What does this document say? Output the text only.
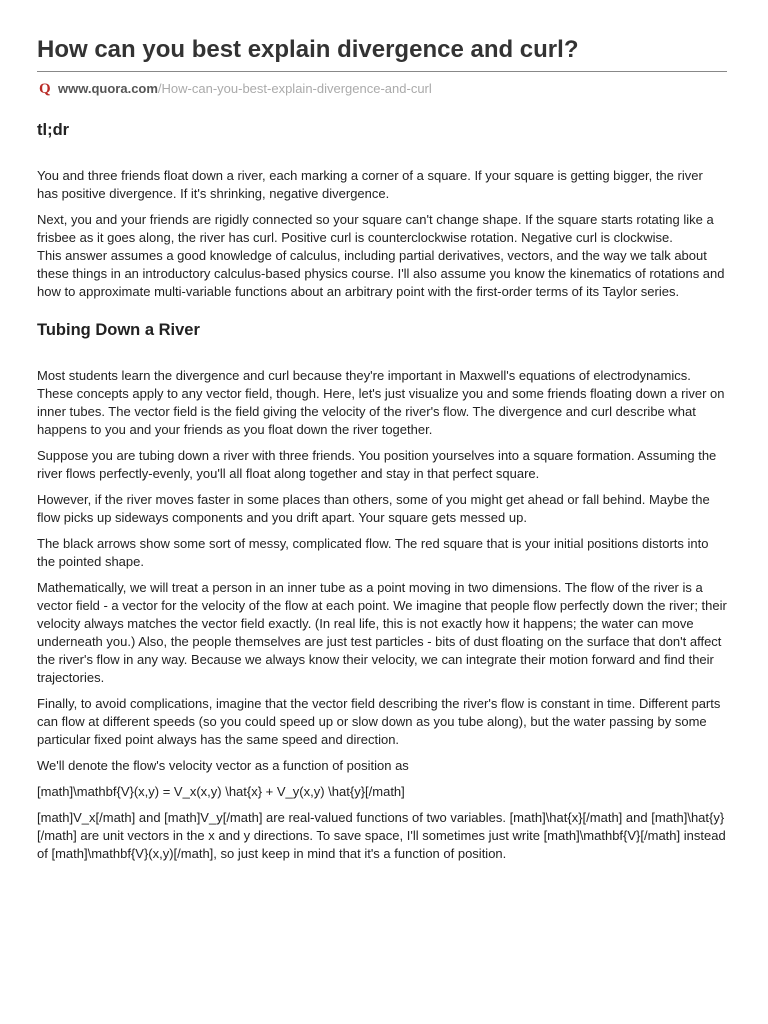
How can you best explain divergence and curl?
Q www.quora.com /How-can-you-best-explain-divergence-and-curl
tl;dr

You and three friends float down a river, each marking a corner of a square. If your square is getting bigger, the river has positive divergence. If it's shrinking, negative divergence.

Next, you and your friends are rigidly connected so your square can't change shape. If the square starts rotating like a frisbee as it goes along, the river has curl. Positive curl is counterclockwise rotation. Negative curl is clockwise.

This answer assumes a good knowledge of calculus, including partial derivatives, vectors, and the way we talk about these things in an introductory calculus-based physics course. I'll also assume you know the kinematics of rotations and how to approximate multi-variable functions about an arbitrary point with the first-order terms of its Taylor series.

Tubing Down a River

Most students learn the divergence and curl because they're important in Maxwell's equations of electrodynamics. These concepts apply to any vector field, though. Here, let's just visualize you and some friends floating down a river on inner tubes. The vector field is the field giving the velocity of the river's flow. The divergence and curl describe what happens to you and your friends as you float down the river together.

Suppose you are tubing down a river with three friends. You position yourselves into a square formation. Assuming the river flows perfectly-evenly, you'll all float along together and stay in that perfect square.

However, if the river moves faster in some places than others, some of you might get ahead or fall behind. Maybe the flow picks up sideways components and you drift apart. Your square gets messed up.

The black arrows show some sort of messy, complicated flow. The red square that is your initial positions distorts into the pointed shape.

Mathematically, we will treat a person in an inner tube as a point moving in two dimensions. The flow of the river is a vector field - a vector for the velocity of the flow at each point. We imagine that people flow perfectly down the river; their velocity always matches the vector field exactly. (In real life, this is not exactly how it happens; the water can move underneath you.) Also, the people themselves are just test particles - bits of dust floating on the surface that don't affect the river's flow in any way. Because we always know their velocity, we can integrate their motion forward and find their trajectories.

Finally, to avoid complications, imagine that the vector field describing the river's flow is constant in time. Different parts can flow at different speeds (so you could speed up or slow down as you tube along), but the water passing by some particular fixed point always has the same speed and direction.

We'll denote the flow's velocity vector as a function of position as

[math]\mathbf{V}(x,y) = V_x(x,y) \hat{x} + V_y(x,y) \hat{y}[/math]

[math]V_x[/math] and [math]V_y[/math] are real-valued functions of two variables. [math]\hat{x}[/math] and [math]\hat{y}[/math] are unit vectors in the x and y directions. To save space, I'll sometimes just write [math]\mathbf{V}[/math] instead of [math]\mathbf{V}(x,y)[/math], so just keep in mind that it's a function of position.
